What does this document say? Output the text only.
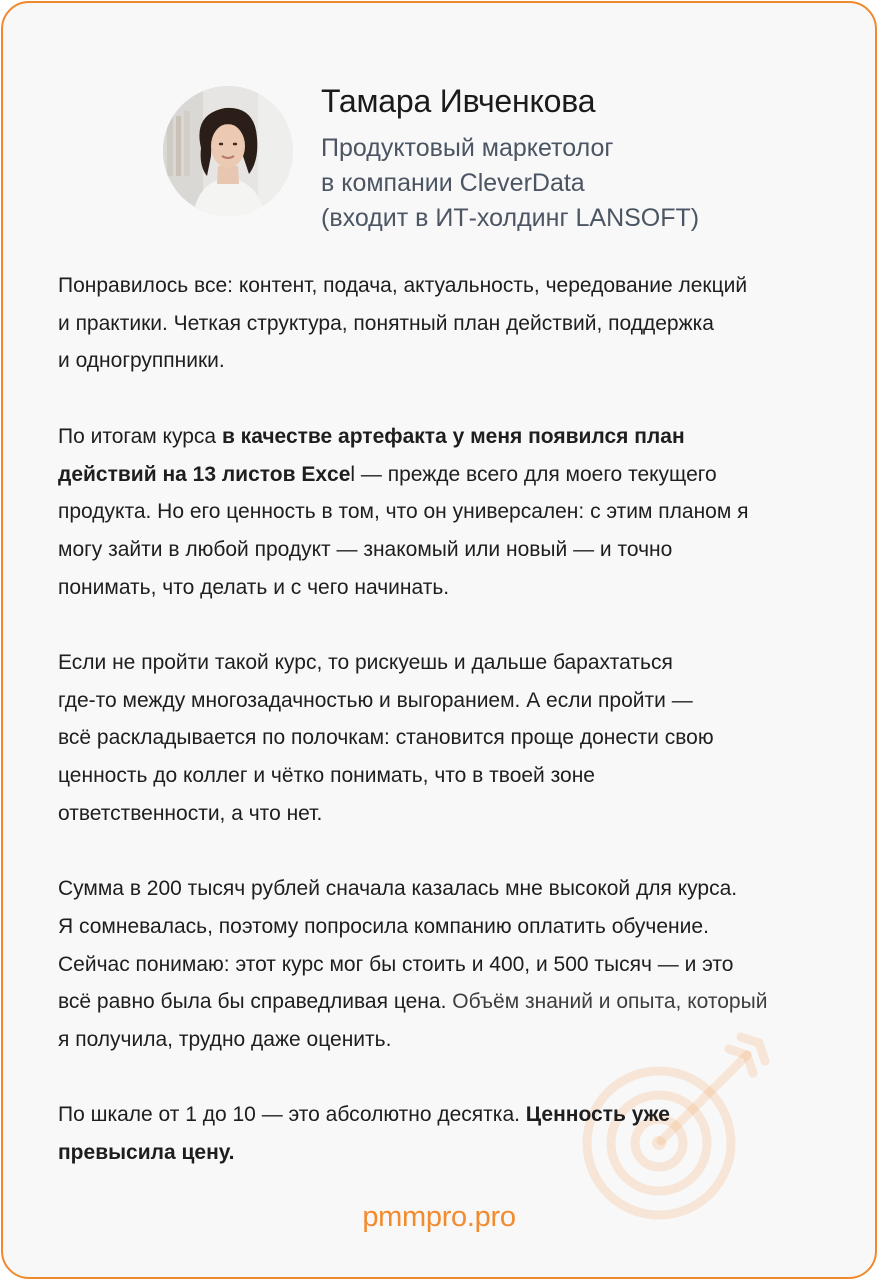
Тамара Ивченкова
Продуктовый маркетолог
в компании CleverData
(входит в ИТ-холдинг LANSOFT)
Понравилось все: контент, подача, актуальность, чередование лекций
и практики. Четкая структура, понятный план действий, поддержка
и одногруппники.
По итогам курса в качестве артефакта у меня появился план
действий на 13 листов Excel — прежде всего для моего текущего
продукта. Но его ценность в том, что он универсален: с этим планом я
могу зайти в любой продукт — знакомый или новый — и точно
понимать, что делать и с чего начинать.
Если не пройти такой курс, то рискуешь и дальше барахтаться
где-то между многозадачностью и выгоранием. А если пройти —
всё раскладывается по полочкам: становится проще донести свою
ценность до коллег и чётко понимать, что в твоей зоне
ответственности, а что нет.
Сумма в 200 тысяч рублей сначала казалась мне высокой для курса.
Я сомневалась, поэтому попросила компанию оплатить обучение.
Сейчас понимаю: этот курс мог бы стоить и 400, и 500 тысяч — и это
всё равно была бы справедливая цена. Объём знаний и опыта, который
я получила, трудно даже оценить.
По шкале от 1 до 10 — это абсолютно десятка. Ценность уже
превысила цену.
pmmpro.pro
